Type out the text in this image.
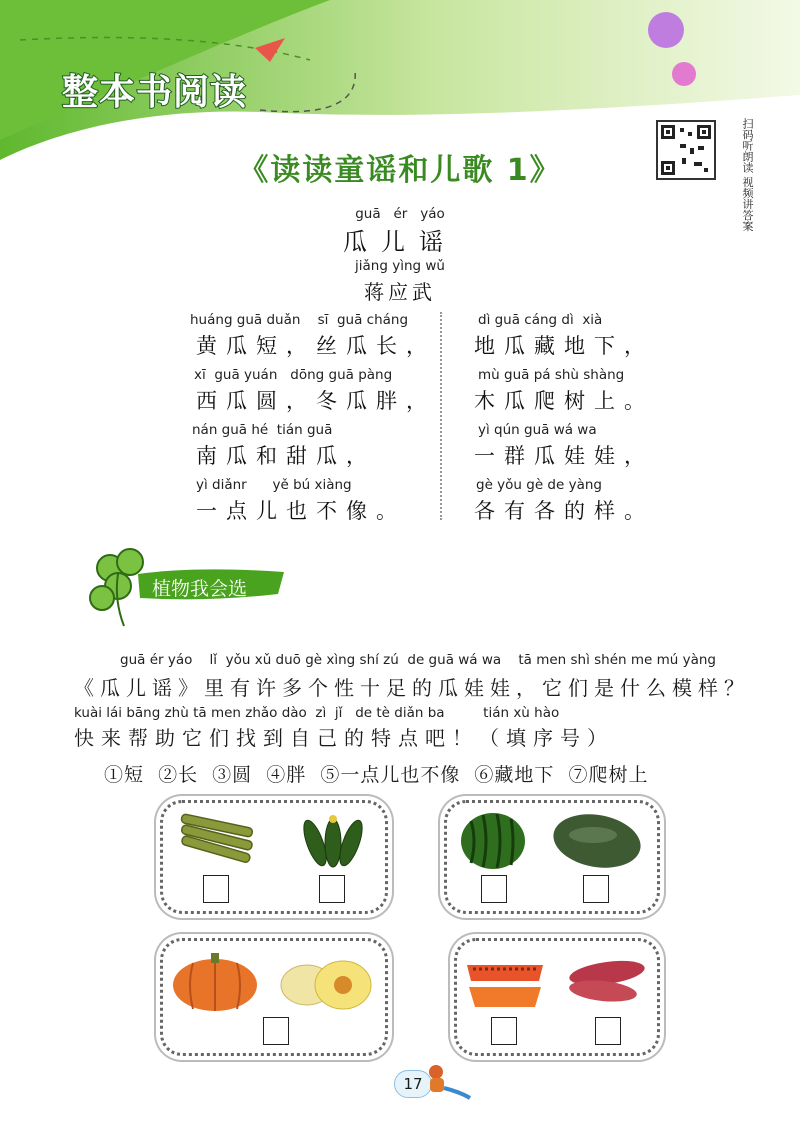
整本书阅读
扫码听朗读 视频讲答案
《读读童谣和儿歌 1》
guā   ér   yáo
瓜儿谣
jiǎng yìng wǔ
蒋应武
huáng guā duǎn    sī  guā cháng
黄瓜短，丝瓜长，
xī  guā yuán   dōng guā pàng
西瓜圆，冬瓜胖，
nán guā hé  tián guā
南瓜和甜瓜，
yì diǎnr      yě bú xiàng
一点儿也不像。
dì guā cáng dì  xià
地瓜藏地下，
mù guā pá shù shàng
木瓜爬树上。
yì qún guā wá wa
一群瓜娃娃，
gè yǒu gè de yàng
各有各的样。
植物我会选
guā ér yáo    lǐ  yǒu xǔ duō gè xìng shí zú  de guā wá wa    tā men shì shén me mú yàng
《瓜儿谣》里有许多个性十足的瓜娃娃，它们是什么模样？
kuài lái bāng zhù tā men zhǎo dào  zì  jǐ   de tè diǎn ba         tián xù hào
快来帮助它们找到自己的特点吧！（填序号）
①短  ②长  ③圆  ④胖  ⑤一点儿也不像  ⑥藏地下  ⑦爬树上
17
